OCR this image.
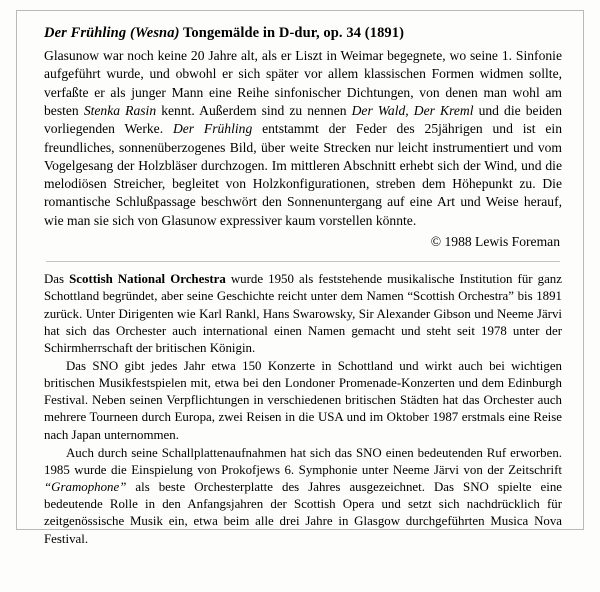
Der Frühling (Wesna) Tongemälde in D-dur, op. 34 (1891)

Glasunow war noch keine 20 Jahre alt, als er Liszt in Weimar begegnete, wo seine 1. Sinfonie aufgeführt wurde, und obwohl er sich später vor allem klassischen Formen widmen sollte, verfaßte er als junger Mann eine Reihe sinfonischer Dichtungen, von denen man wohl am besten Stenka Rasin kennt. Außerdem sind zu nennen Der Wald, Der Kreml und die beiden vorliegenden Werke. Der Frühling entstammt der Feder des 25jährigen und ist ein freundliches, sonnenüberzogenes Bild, über weite Strecken nur leicht instrumentiert und vom Vogelgesang der Holzbläser durchzogen. Im mittleren Abschnitt erhebt sich der Wind, und die melodiösen Streicher, begleitet von Holzkonfigurationen, streben dem Höhepunkt zu. Die romantische Schlußpassage beschwört den Sonnenuntergang auf eine Art und Weise herauf, wie man sie sich von Glasunow expressiver kaum vorstellen könnte.

© 1988 Lewis Foreman

Das Scottish National Orchestra wurde 1950 als feststehende musikalische Institution für ganz Schottland begründet, aber seine Geschichte reicht unter dem Namen “Scottish Orchestra” bis 1891 zurück. Unter Dirigenten wie Karl Rankl, Hans Swarowsky, Sir Alexander Gibson und Neeme Järvi hat sich das Orchester auch international einen Namen gemacht und steht seit 1978 unter der Schirmherrschaft der britischen Königin.

Das SNO gibt jedes Jahr etwa 150 Konzerte in Schottland und wirkt auch bei wichtigen britischen Musikfestspielen mit, etwa bei den Londoner Promenade-Konzerten und dem Edinburgh Festival. Neben seinen Verpflichtungen in verschiedenen britischen Städten hat das Orchester auch mehrere Tourneen durch Europa, zwei Reisen in die USA und im Oktober 1987 erstmals eine Reise nach Japan unternommen.

Auch durch seine Schallplattenaufnahmen hat sich das SNO einen bedeutenden Ruf erworben. 1985 wurde die Einspielung von Prokofjews 6. Symphonie unter Neeme Järvi von der Zeitschrift “Gramophone” als beste Orchesterplatte des Jahres ausgezeichnet. Das SNO spielte eine bedeutende Rolle in den Anfangsjahren der Scottish Opera und setzt sich nachdrücklich für zeitgenössische Musik ein, etwa beim alle drei Jahre in Glasgow durchgeführten Musica Nova Festival.
